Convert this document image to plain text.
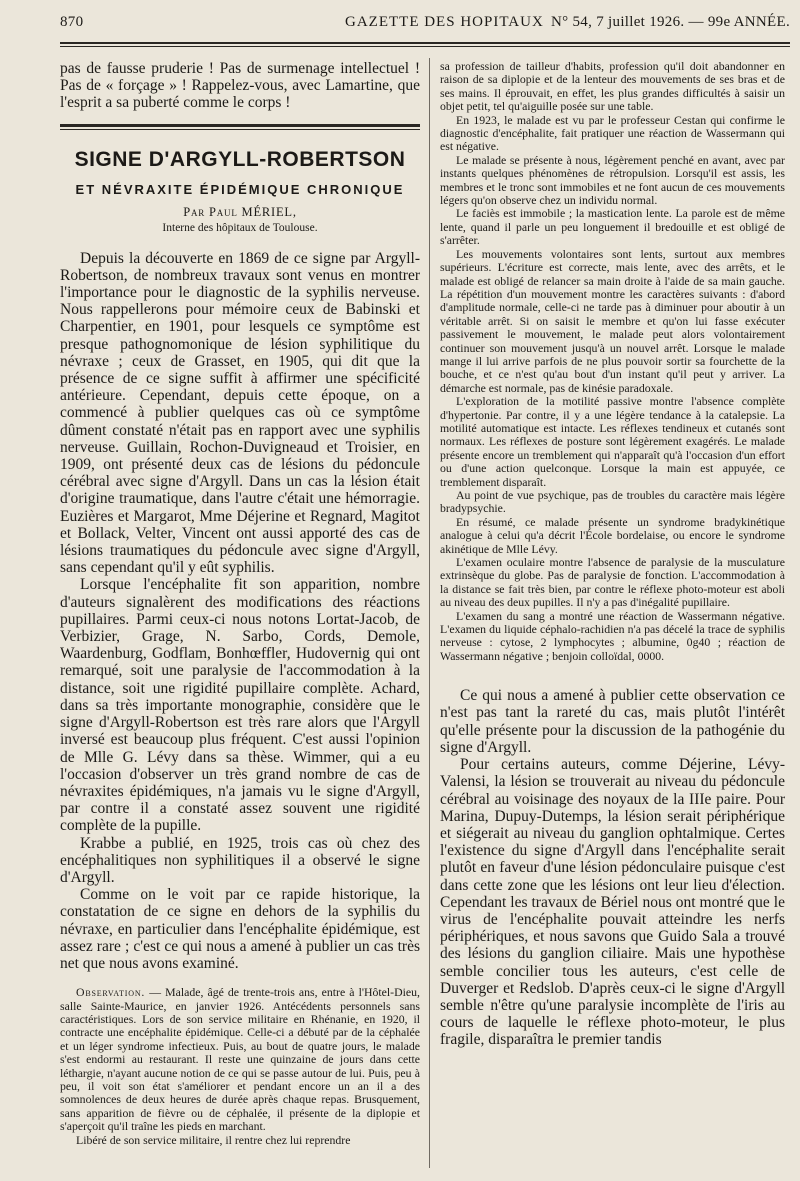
870	GAZETTE DES HOPITAUX N° 54, 7 juillet 1926. — 99e ANNÉE.

pas de fausse pruderie ! Pas de surmenage intellectuel ! Pas de « forçage » ! Rappelez-vous, avec Lamartine, que l'esprit a sa puberté comme le corps !

SIGNE D'ARGYLL-ROBERTSON
ET NÉVRAXITE ÉPIDÉMIQUE CHRONIQUE
Par Paul MÉRIEL,
Interne des hôpitaux de Toulouse.

Depuis la découverte en 1869 de ce signe par Argyll-Robertson, de nombreux travaux sont venus en montrer l'importance pour le diagnostic de la syphilis nerveuse. Nous rappellerons pour mémoire ceux de Babinski et Charpentier, en 1901, pour lesquels ce symptôme est presque pathognomonique de lésion syphilitique du névraxe ; ceux de Grasset, en 1905, qui dit que la présence de ce signe suffit à affirmer une spécificité antérieure. Cependant, depuis cette époque, on a commencé à publier quelques cas où ce symptôme dûment constaté n'était pas en rapport avec une syphilis nerveuse. Guillain, Rochon-Duvigneaud et Troisier, en 1909, ont présenté deux cas de lésions du pédoncule cérébral avec signe d'Argyll. Dans un cas la lésion était d'origine traumatique, dans l'autre c'était une hémorragie. Euzières et Margarot, Mme Déjerine et Regnard, Magitot et Bollack, Velter, Vincent ont aussi apporté des cas de lésions traumatiques du pédoncule avec signe d'Argyll, sans cependant qu'il y eût syphilis.

Lorsque l'encéphalite fit son apparition, nombre d'auteurs signalèrent des modifications des réactions pupillaires. Parmi ceux-ci nous notons Lortat-Jacob, de Verbizier, Grage, N. Sarbo, Cords, Demole, Waardenburg, Godflam, Bonhœffler, Hudovernig qui ont remarqué, soit une paralysie de l'accommodation à la distance, soit une rigidité pupillaire complète. Achard, dans sa très importante monographie, considère que le signe d'Argyll-Robertson est très rare alors que l'Argyll inversé est beaucoup plus fréquent. C'est aussi l'opinion de Mlle G. Lévy dans sa thèse. Wimmer, qui a eu l'occasion d'observer un très grand nombre de cas de névraxites épidémiques, n'a jamais vu le signe d'Argyll, par contre il a constaté assez souvent une rigidité complète de la pupille.

Krabbe a publié, en 1925, trois cas où chez des encéphalitiques non syphilitiques il a observé le signe d'Argyll.

Comme on le voit par ce rapide historique, la constatation de ce signe en dehors de la syphilis du névraxe, en particulier dans l'encéphalite épidémique, est assez rare ; c'est ce qui nous a amené à publier un cas très net que nous avons examiné.

Observation. — Malade, âgé de trente-trois ans, entre à l'Hôtel-Dieu, salle Sainte-Maurice, en janvier 1926. Antécédents personnels sans caractéristiques. Lors de son service militaire en Rhénanie, en 1920, il contracte une encéphalite épidémique. Celle-ci a débuté par de la céphalée et un léger syndrome infectieux. Puis, au bout de quatre jours, le malade s'est endormi au restaurant. Il reste une quinzaine de jours dans cette léthargie, n'ayant aucune notion de ce qui se passe autour de lui. Puis, peu à peu, il voit son état s'améliorer et pendant encore un an il a des somnolences de deux heures de durée après chaque repas. Brusquement, sans apparition de fièvre ou de céphalée, il présente de la diplopie et s'aperçoit qu'il traîne les pieds en marchant.

Libéré de son service militaire, il rentre chez lui reprendre

sa profession de tailleur d'habits, profession qu'il doit abandonner en raison de sa diplopie et de la lenteur des mouvements de ses bras et de ses mains. Il éprouvait, en effet, les plus grandes difficultés à saisir un objet petit, tel qu'aiguille posée sur une table.

En 1923, le malade est vu par le professeur Cestan qui confirme le diagnostic d'encéphalite, fait pratiquer une réaction de Wassermann qui est négative.

Le malade se présente à nous, légèrement penché en avant, avec par instants quelques phénomènes de rétropulsion. Lorsqu'il est assis, les membres et le tronc sont immobiles et ne font aucun de ces mouvements légers qu'on observe chez un individu normal.

Le faciès est immobile ; la mastication lente. La parole est de même lente, quand il parle un peu longuement il bredouille et est obligé de s'arrêter.

Les mouvements volontaires sont lents, surtout aux membres supérieurs. L'écriture est correcte, mais lente, avec des arrêts, et le malade est obligé de relancer sa main droite à l'aide de sa main gauche. La répétition d'un mouvement montre les caractères suivants : d'abord d'amplitude normale, celle-ci ne tarde pas à diminuer pour aboutir à un véritable arrêt. Si on saisit le membre et qu'on lui fasse exécuter passivement le mouvement, le malade peut alors volontairement continuer son mouvement jusqu'à un nouvel arrêt. Lorsque le malade mange il lui arrive parfois de ne plus pouvoir sortir sa fourchette de la bouche, et ce n'est qu'au bout d'un instant qu'il peut y arriver. La démarche est normale, pas de kinésie paradoxale.

L'exploration de la motilité passive montre l'absence complète d'hypertonie. Par contre, il y a une légère tendance à la catalepsie. La motilité automatique est intacte. Les réflexes tendineux et cutanés sont normaux. Les réflexes de posture sont légèrement exagérés. Le malade présente encore un tremblement qui n'apparaît qu'à l'occasion d'un effort ou d'une action quelconque. Lorsque la main est appuyée, ce tremblement disparaît.

Au point de vue psychique, pas de troubles du caractère mais légère bradypsychie.

En résumé, ce malade présente un syndrome bradykinétique analogue à celui qu'a décrit l'École bordelaise, ou encore le syndrome akinétique de Mlle Lévy.

L'examen oculaire montre l'absence de paralysie de la musculature extrinsèque du globe. Pas de paralysie de fonction. L'accommodation à la distance se fait très bien, par contre le réflexe photo-moteur est aboli au niveau des deux pupilles. Il n'y a pas d'inégalité pupillaire.

L'examen du sang a montré une réaction de Wassermann négative. L'examen du liquide céphalo-rachidien n'a pas décelé la trace de syphilis nerveuse : cytose, 2 lymphocytes ; albumine, 0g40 ; réaction de Wassermann négative ; benjoin colloïdal, 0000.

Ce qui nous a amené à publier cette observation ce n'est pas tant la rareté du cas, mais plutôt l'intérêt qu'elle présente pour la discussion de la pathogénie du signe d'Argyll.

Pour certains auteurs, comme Déjerine, Lévy-Valensi, la lésion se trouverait au niveau du pédoncule cérébral au voisinage des noyaux de la IIIe paire. Pour Marina, Dupuy-Dutemps, la lésion serait périphérique et siégerait au niveau du ganglion ophtalmique. Certes l'existence du signe d'Argyll dans l'encéphalite serait plutôt en faveur d'une lésion pédonculaire puisque c'est dans cette zone que les lésions ont leur lieu d'élection. Cependant les travaux de Bériel nous ont montré que le virus de l'encéphalite pouvait atteindre les nerfs périphériques, et nous savons que Guido Sala a trouvé des lésions du ganglion ciliaire. Mais une hypothèse semble concilier tous les auteurs, c'est celle de Duverger et Redslob. D'après ceux-ci le signe d'Argyll semble n'être qu'une paralysie incomplète de l'iris au cours de laquelle le réflexe photo-moteur, le plus fragile, disparaîtra le premier tandis
